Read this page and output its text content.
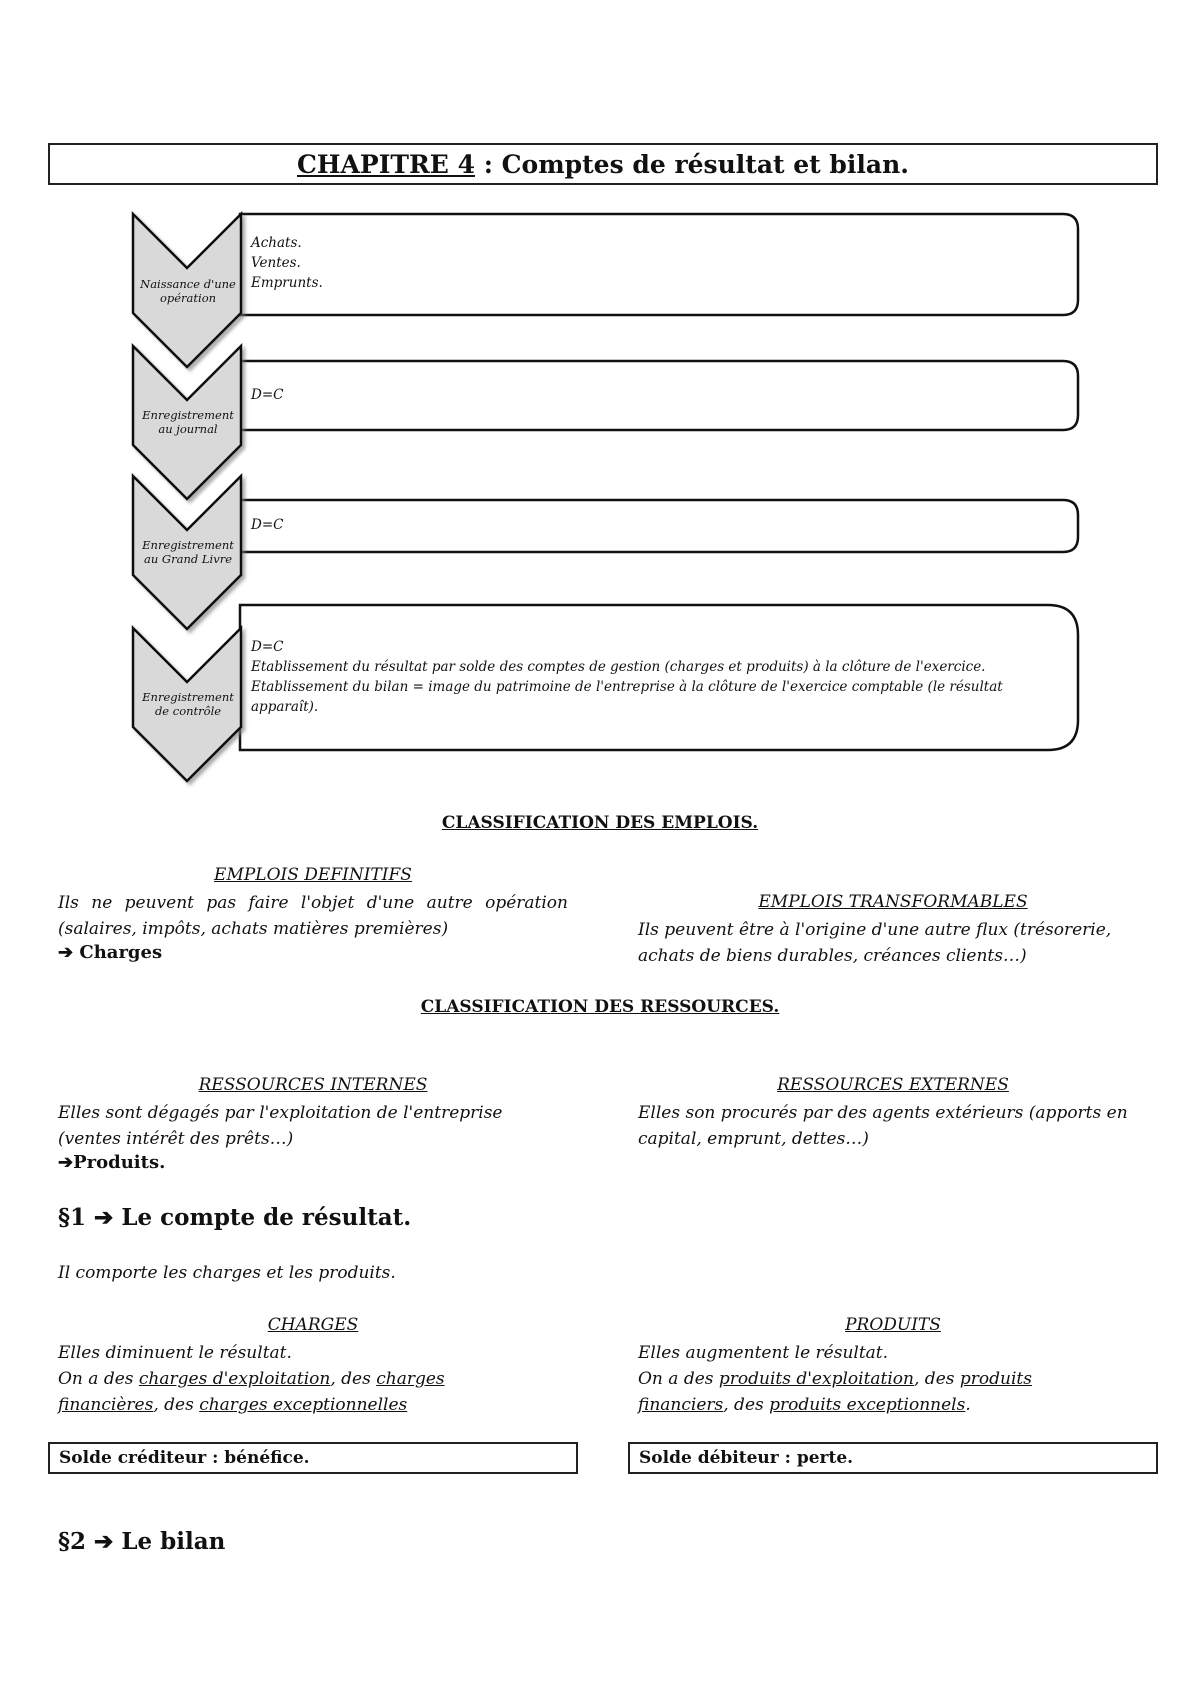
CHAPITRE 4
: Comptes de résultat et bilan.
Naissance d'une opération
Enregistrement au journal
Enregistrement au Grand Livre
Enregistrement de contrôle
Achats.
Ventes.
Emprunts.
D=C
D=C
D=C
Etablissement du résultat par solde des comptes de gestion (charges et produits) à la clôture de l'exercice.
Etablissement du bilan = image du patrimoine de l'entreprise à la clôture de l'exercice comptable (le résultat apparaît).
CLASSIFICATION DES EMPLOIS.
EMPLOIS DEFINITIFS
Ils ne peuvent pas faire l'objet d'une autre opération (salaires, impôts, achats matières premières)
➔ Charges
EMPLOIS TRANSFORMABLES
Ils peuvent être à l'origine d'une autre flux (trésorerie, achats de biens durables, créances clients…)
CLASSIFICATION DES RESSOURCES.
RESSOURCES INTERNES
Elles sont dégagés par l'exploitation de l'entreprise (ventes intérêt des prêts…)
➔Produits.
RESSOURCES EXTERNES
Elles son procurés par des agents extérieurs (apports en capital, emprunt, dettes…)
§1 ➔ Le compte de résultat.
Il comporte les charges et les produits.
CHARGES
Elles diminuent le résultat.
On a des charges d'exploitation, des charges financières, des charges exceptionnelles
PRODUITS
Elles augmentent le résultat.
On a des produits d'exploitation, des produits financiers, des produits exceptionnels.
Solde créditeur : bénéfice.	Solde débiteur : perte.
§2 ➔ Le bilan
